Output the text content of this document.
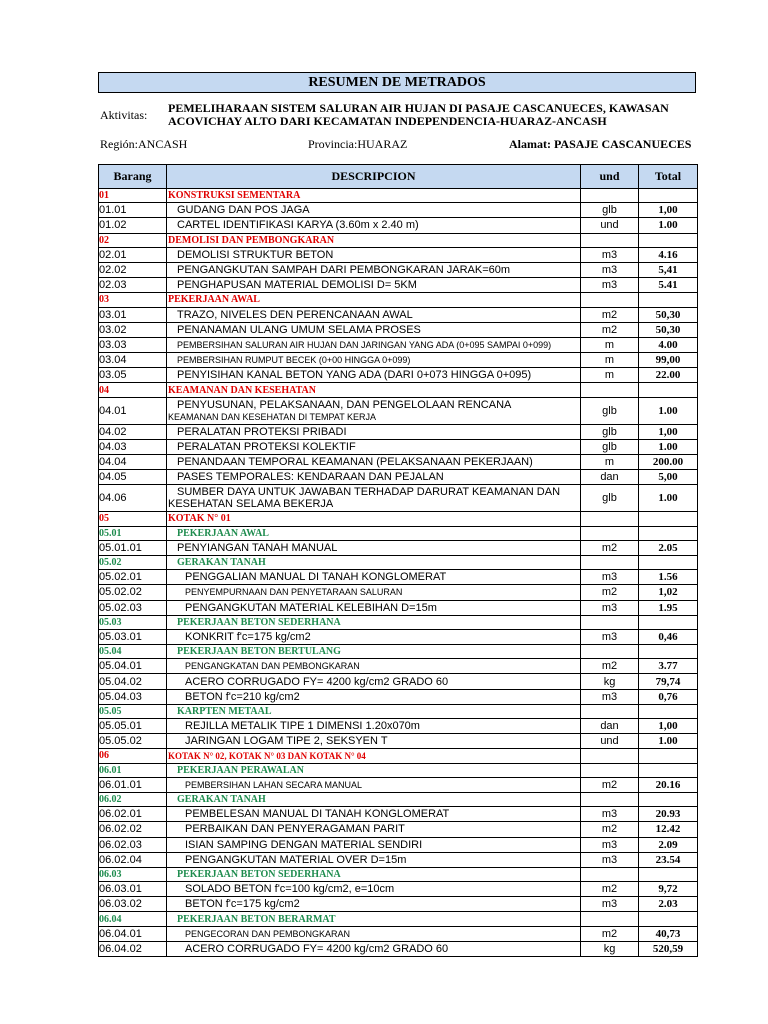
RESUMEN DE METRADOS
Aktivitas: PEMELIHARAAN SISTEM SALURAN AIR HUJAN DI PASAJE CASCANUECES, KAWASAN ACOVICHAY ALTO DARI KECAMATAN INDEPENDENCIA-HUARAZ-ANCASH
Región:ANCASH	Provincia:HUARAZ	Alamat: PASAJE CASCANUECES
Barang	DESCRIPCION	und	Total
01	KONSTRUKSI SEMENTARA		
01.01	GUDANG DAN POS JAGA	glb	1,00
01.02	CARTEL IDENTIFIKASI KARYA (3.60m x 2.40 m)	und	1.00
02	DEMOLISI DAN PEMBONGKARAN		
02.01	DEMOLISI STRUKTUR BETON	m3	4.16
02.02	PENGANGKUTAN SAMPAH DARI PEMBONGKARAN JARAK=60m	m3	5,41
02.03	PENGHAPUSAN MATERIAL DEMOLISI D= 5KM	m3	5.41
03	PEKERJAAN AWAL		
03.01	TRAZO, NIVELES DEN PERENCANAAN AWAL	m2	50,30
03.02	PENANAMAN ULANG UMUM SELAMA PROSES	m2	50,30
03.03	PEMBERSIHAN SALURAN AIR HUJAN DAN JARINGAN YANG ADA (0+095 SAMPAI 0+099)	m	4.00
03.04	PEMBERSIHAN RUMPUT BECEK (0+00 HINGGA 0+099)	m	99,00
03.05	PENYISIHAN KANAL BETON YANG ADA (DARI 0+073 HINGGA 0+095)	m	22.00
04	KEAMANAN DAN KESEHATAN		
04.01	PENYUSUNAN, PELAKSANAAN, DAN PENGELOLAAN RENCANA
KEAMANAN DAN KESEHATAN DI TEMPAT KERJA	glb	1.00
04.02	PERALATAN PROTEKSI PRIBADI	glb	1,00
04.03	PERALATAN PROTEKSI KOLEKTIF	glb	1.00
04.04	PENANDAAN TEMPORAL KEAMANAN (PELAKSANAAN PEKERJAAN)	m	200.00
04.05	PASES TEMPORALES: KENDARAAN DAN PEJALAN	dan	5,00
04.06	SUMBER DAYA UNTUK JAWABAN TERHADAP DARURAT KEAMANAN DAN
KESEHATAN SELAMA BEKERJA	glb	1.00
05	KOTAK N° 01		
05.01	PEKERJAAN AWAL		
05.01.01	PENYIANGAN TANAH MANUAL	m2	2.05
05.02	GERAKAN TANAH		
05.02.01	PENGGALIAN MANUAL DI TANAH KONGLOMERAT	m3	1.56
05.02.02	PENYEMPURNAAN DAN PENYETARAAN SALURAN	m2	1,02
05.02.03	PENGANGKUTAN MATERIAL KELEBIHAN D=15m	m3	1.95
05.03	PEKERJAAN BETON SEDERHANA		
05.03.01	KONKRIT f'c=175 kg/cm2	m3	0,46
05.04	PEKERJAAN BETON BERTULANG		
05.04.01	PENGANGKATAN DAN PEMBONGKARAN	m2	3.77
05.04.02	ACERO CORRUGADO FY= 4200 kg/cm2 GRADO 60	kg	79,74
05.04.03	BETON f'c=210 kg/cm2	m3	0,76
05.05	KARPTEN METAAL		
05.05.01	REJILLA METALIK TIPE 1 DIMENSI 1.20x070m	dan	1,00
05.05.02	JARINGAN LOGAM TIPE 2, SEKSYEN T	und	1.00
06	KOTAK N° 02, KOTAK N° 03 DAN KOTAK N° 04		
06.01	PEKERJAAN PERAWALAN		
06.01.01	PEMBERSIHAN LAHAN SECARA MANUAL	m2	20.16
06.02	GERAKAN TANAH		
06.02.01	PEMBELESAN MANUAL DI TANAH KONGLOMERAT	m3	20.93
06.02.02	PERBAIKAN DAN PENYERAGAMAN PARIT	m2	12.42
06.02.03	ISIAN SAMPING DENGAN MATERIAL SENDIRI	m3	2.09
06.02.04	PENGANGKUTAN MATERIAL OVER D=15m	m3	23.54
06.03	PEKERJAAN BETON SEDERHANA		
06.03.01	SOLADO BETON f'c=100 kg/cm2, e=10cm	m2	9,72
06.03.02	BETON f'c=175 kg/cm2	m3	2.03
06.04	PEKERJAAN BETON BERARMAT		
06.04.01	PENGECORAN DAN PEMBONGKARAN	m2	40,73
06.04.02	ACERO CORRUGADO FY= 4200 kg/cm2 GRADO 60	kg	520,59
